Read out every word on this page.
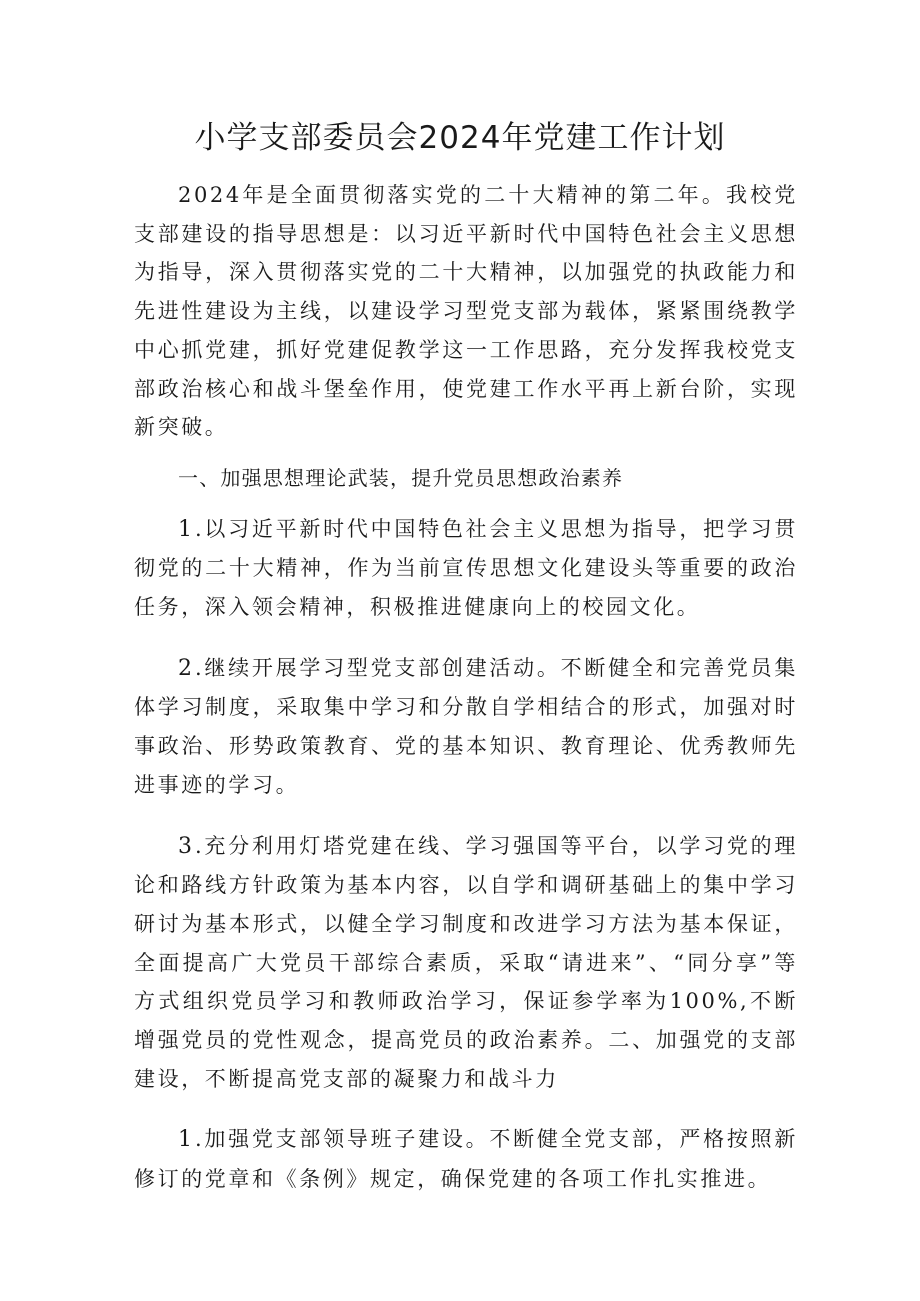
小学支部委员会2024年党建工作计划

2024年是全面贯彻落实党的二十大精神的第二年。我校党支部建设的指导思想是：以习近平新时代中国特色社会主义思想为指导，深入贯彻落实党的二十大精神，以加强党的执政能力和先进性建设为主线，以建设学习型党支部为载体，紧紧围绕教学中心抓党建，抓好党建促教学这一工作思路，充分发挥我校党支部政治核心和战斗堡垒作用，使党建工作水平再上新台阶，实现新突破。

一、加强思想理论武装，提升党员思想政治素养

1.以习近平新时代中国特色社会主义思想为指导，把学习贯彻党的二十大精神，作为当前宣传思想文化建设头等重要的政治任务，深入领会精神，积极推进健康向上的校园文化。

2.继续开展学习型党支部创建活动。不断健全和完善党员集体学习制度，采取集中学习和分散自学相结合的形式，加强对时事政治、形势政策教育、党的基本知识、教育理论、优秀教师先进事迹的学习。

3.充分利用灯塔党建在线、学习强国等平台，以学习党的理论和路线方针政策为基本内容，以自学和调研基础上的集中学习研讨为基本形式，以健全学习制度和改进学习方法为基本保证，全面提高广大党员干部综合素质，采取“请进来”、“同分享”等方式组织党员学习和教师政治学习，保证参学率为100%,不断增强党员的党性观念，提高党员的政治素养。二、加强党的支部建设，不断提高党支部的凝聚力和战斗力

1.加强党支部领导班子建设。不断健全党支部，严格按照新修订的党章和《条例》规定，确保党建的各项工作扎实推进。
